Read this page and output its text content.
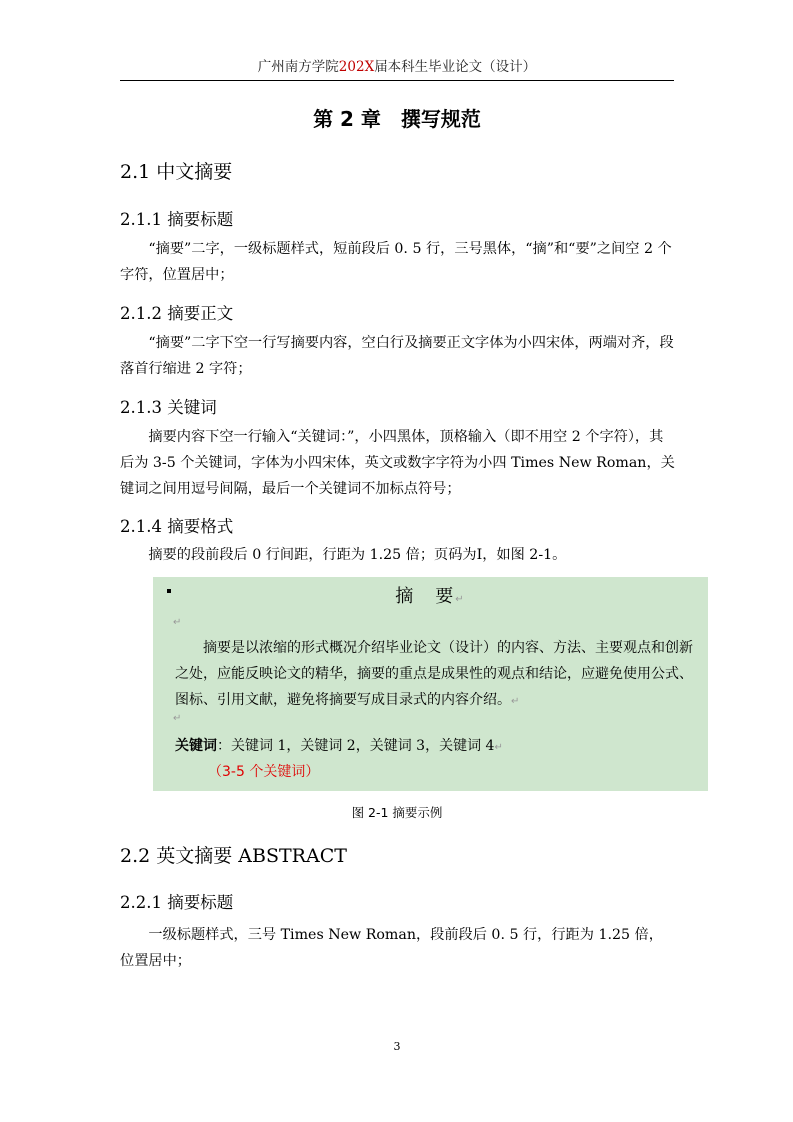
广州南方学院202X届本科生毕业论文（设计）
第 2 章　撰写规范
2.1 中文摘要
2.1.1 摘要标题
“摘要”二字，一级标题样式，短前段后 0. 5 行，三号黑体，“摘”和“要”之间空 2 个字符，位置居中；
2.1.2 摘要正文
“摘要”二字下空一行写摘要内容，空白行及摘要正文字体为小四宋体，两端对齐，段落首行缩进 2 字符；
2.1.3 关键词
摘要内容下空一行输入“关键词：”，小四黑体，顶格输入（即不用空 2 个字符），其后为 3-5 个关键词，字体为小四宋体，英文或数字字符为小四 Times New Roman，关键词之间用逗号间隔，最后一个关键词不加标点符号；
2.1.4 摘要格式
摘要的段前段后 0 行间距，行距为 1.25 倍；页码为I，如图 2-1。
摘　要↵
↵
摘要是以浓缩的形式概况介绍毕业论文（设计）的内容、方法、主要观点和创新之处，应能反映论文的精华，摘要的重点是成果性的观点和结论，应避免使用公式、图标、引用文献，避免将摘要写成目录式的内容介绍。↵
↵
关键词：关键词 1，关键词 2，关键词 3，关键词 4↵
（3-5 个关键词）
图 2-1 摘要示例
2.2 英文摘要 ABSTRACT
2.2.1 摘要标题
一级标题样式，三号 Times New Roman，段前段后 0. 5 行，行距为 1.25 倍，位置居中；
3
